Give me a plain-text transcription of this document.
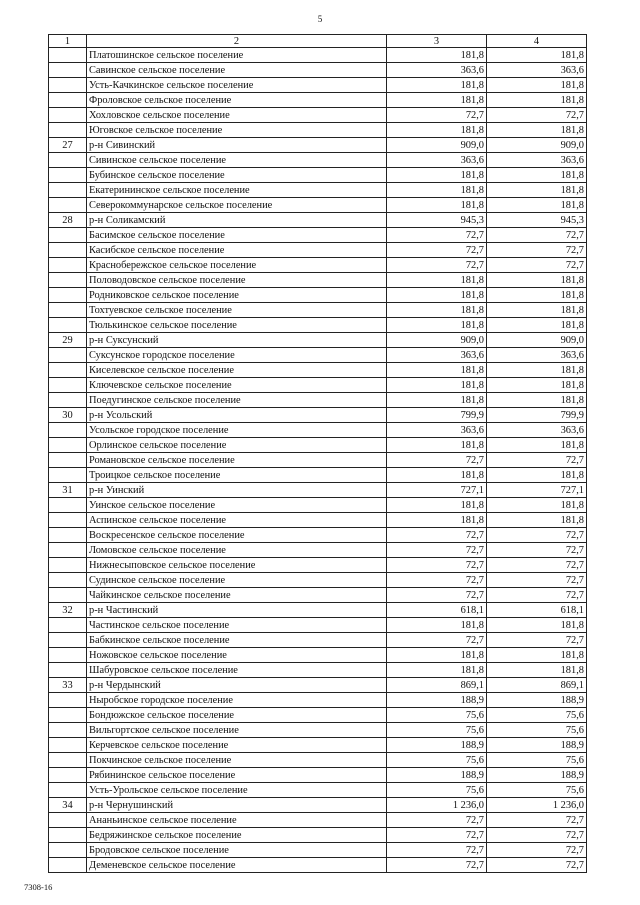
5
1	2	3	4
	Платошинское сельское поселение	181,8	181,8
	Савинское сельское поселение	363,6	363,6
	Усть-Качкинское сельское поселение	181,8	181,8
	Фроловское сельское поселение	181,8	181,8
	Хохловское сельское поселение	72,7	72,7
	Юговское сельское поселение	181,8	181,8
27	р-н Сивинский	909,0	909,0
	Сивинское сельское поселение	363,6	363,6
	Бубинское сельское поселение	181,8	181,8
	Екатерининское сельское поселение	181,8	181,8
	Северокоммунарское сельское поселение	181,8	181,8
28	р-н Соликамский	945,3	945,3
	Басимское сельское поселение	72,7	72,7
	Касибское сельское поселение	72,7	72,7
	Краснобережское сельское поселение	72,7	72,7
	Половодовское сельское поселение	181,8	181,8
	Родниковское сельское поселение	181,8	181,8
	Тохтуевское сельское поселение	181,8	181,8
	Тюлькинское сельское поселение	181,8	181,8
29	р-н Суксунский	909,0	909,0
	Суксунское городское поселение	363,6	363,6
	Киселевское сельское поселение	181,8	181,8
	Ключевское сельское поселение	181,8	181,8
	Поедугинское сельское поселение	181,8	181,8
30	р-н Усольский	799,9	799,9
	Усольское городское поселение	363,6	363,6
	Орлинское сельское поселение	181,8	181,8
	Романовское сельское поселение	72,7	72,7
	Троицкое сельское поселение	181,8	181,8
31	р-н Уинский	727,1	727,1
	Уинское сельское поселение	181,8	181,8
	Аспинское сельское поселение	181,8	181,8
	Воскресенское сельское поселение	72,7	72,7
	Ломовское сельское поселение	72,7	72,7
	Нижнесыповское сельское поселение	72,7	72,7
	Судинское сельское поселение	72,7	72,7
	Чайкинское сельское поселение	72,7	72,7
32	р-н Частинский	618,1	618,1
	Частинское сельское поселение	181,8	181,8
	Бабкинское сельское поселение	72,7	72,7
	Ножовское сельское поселение	181,8	181,8
	Шабуровское сельское поселение	181,8	181,8
33	р-н Чердынский	869,1	869,1
	Ныробское городское поселение	188,9	188,9
	Бондюжское сельское поселение	75,6	75,6
	Вильгортское сельское поселение	75,6	75,6
	Керчевское сельское поселение	188,9	188,9
	Покчинское сельское поселение	75,6	75,6
	Рябининское сельское поселение	188,9	188,9
	Усть-Урольское сельское поселение	75,6	75,6
34	р-н Чернушинский	1 236,0	1 236,0
	Ананьинское сельское поселение	72,7	72,7
	Бедряжинское сельское поселение	72,7	72,7
	Бродовское сельское поселение	72,7	72,7
	Деменевское сельское поселение	72,7	72,7
7308-16
